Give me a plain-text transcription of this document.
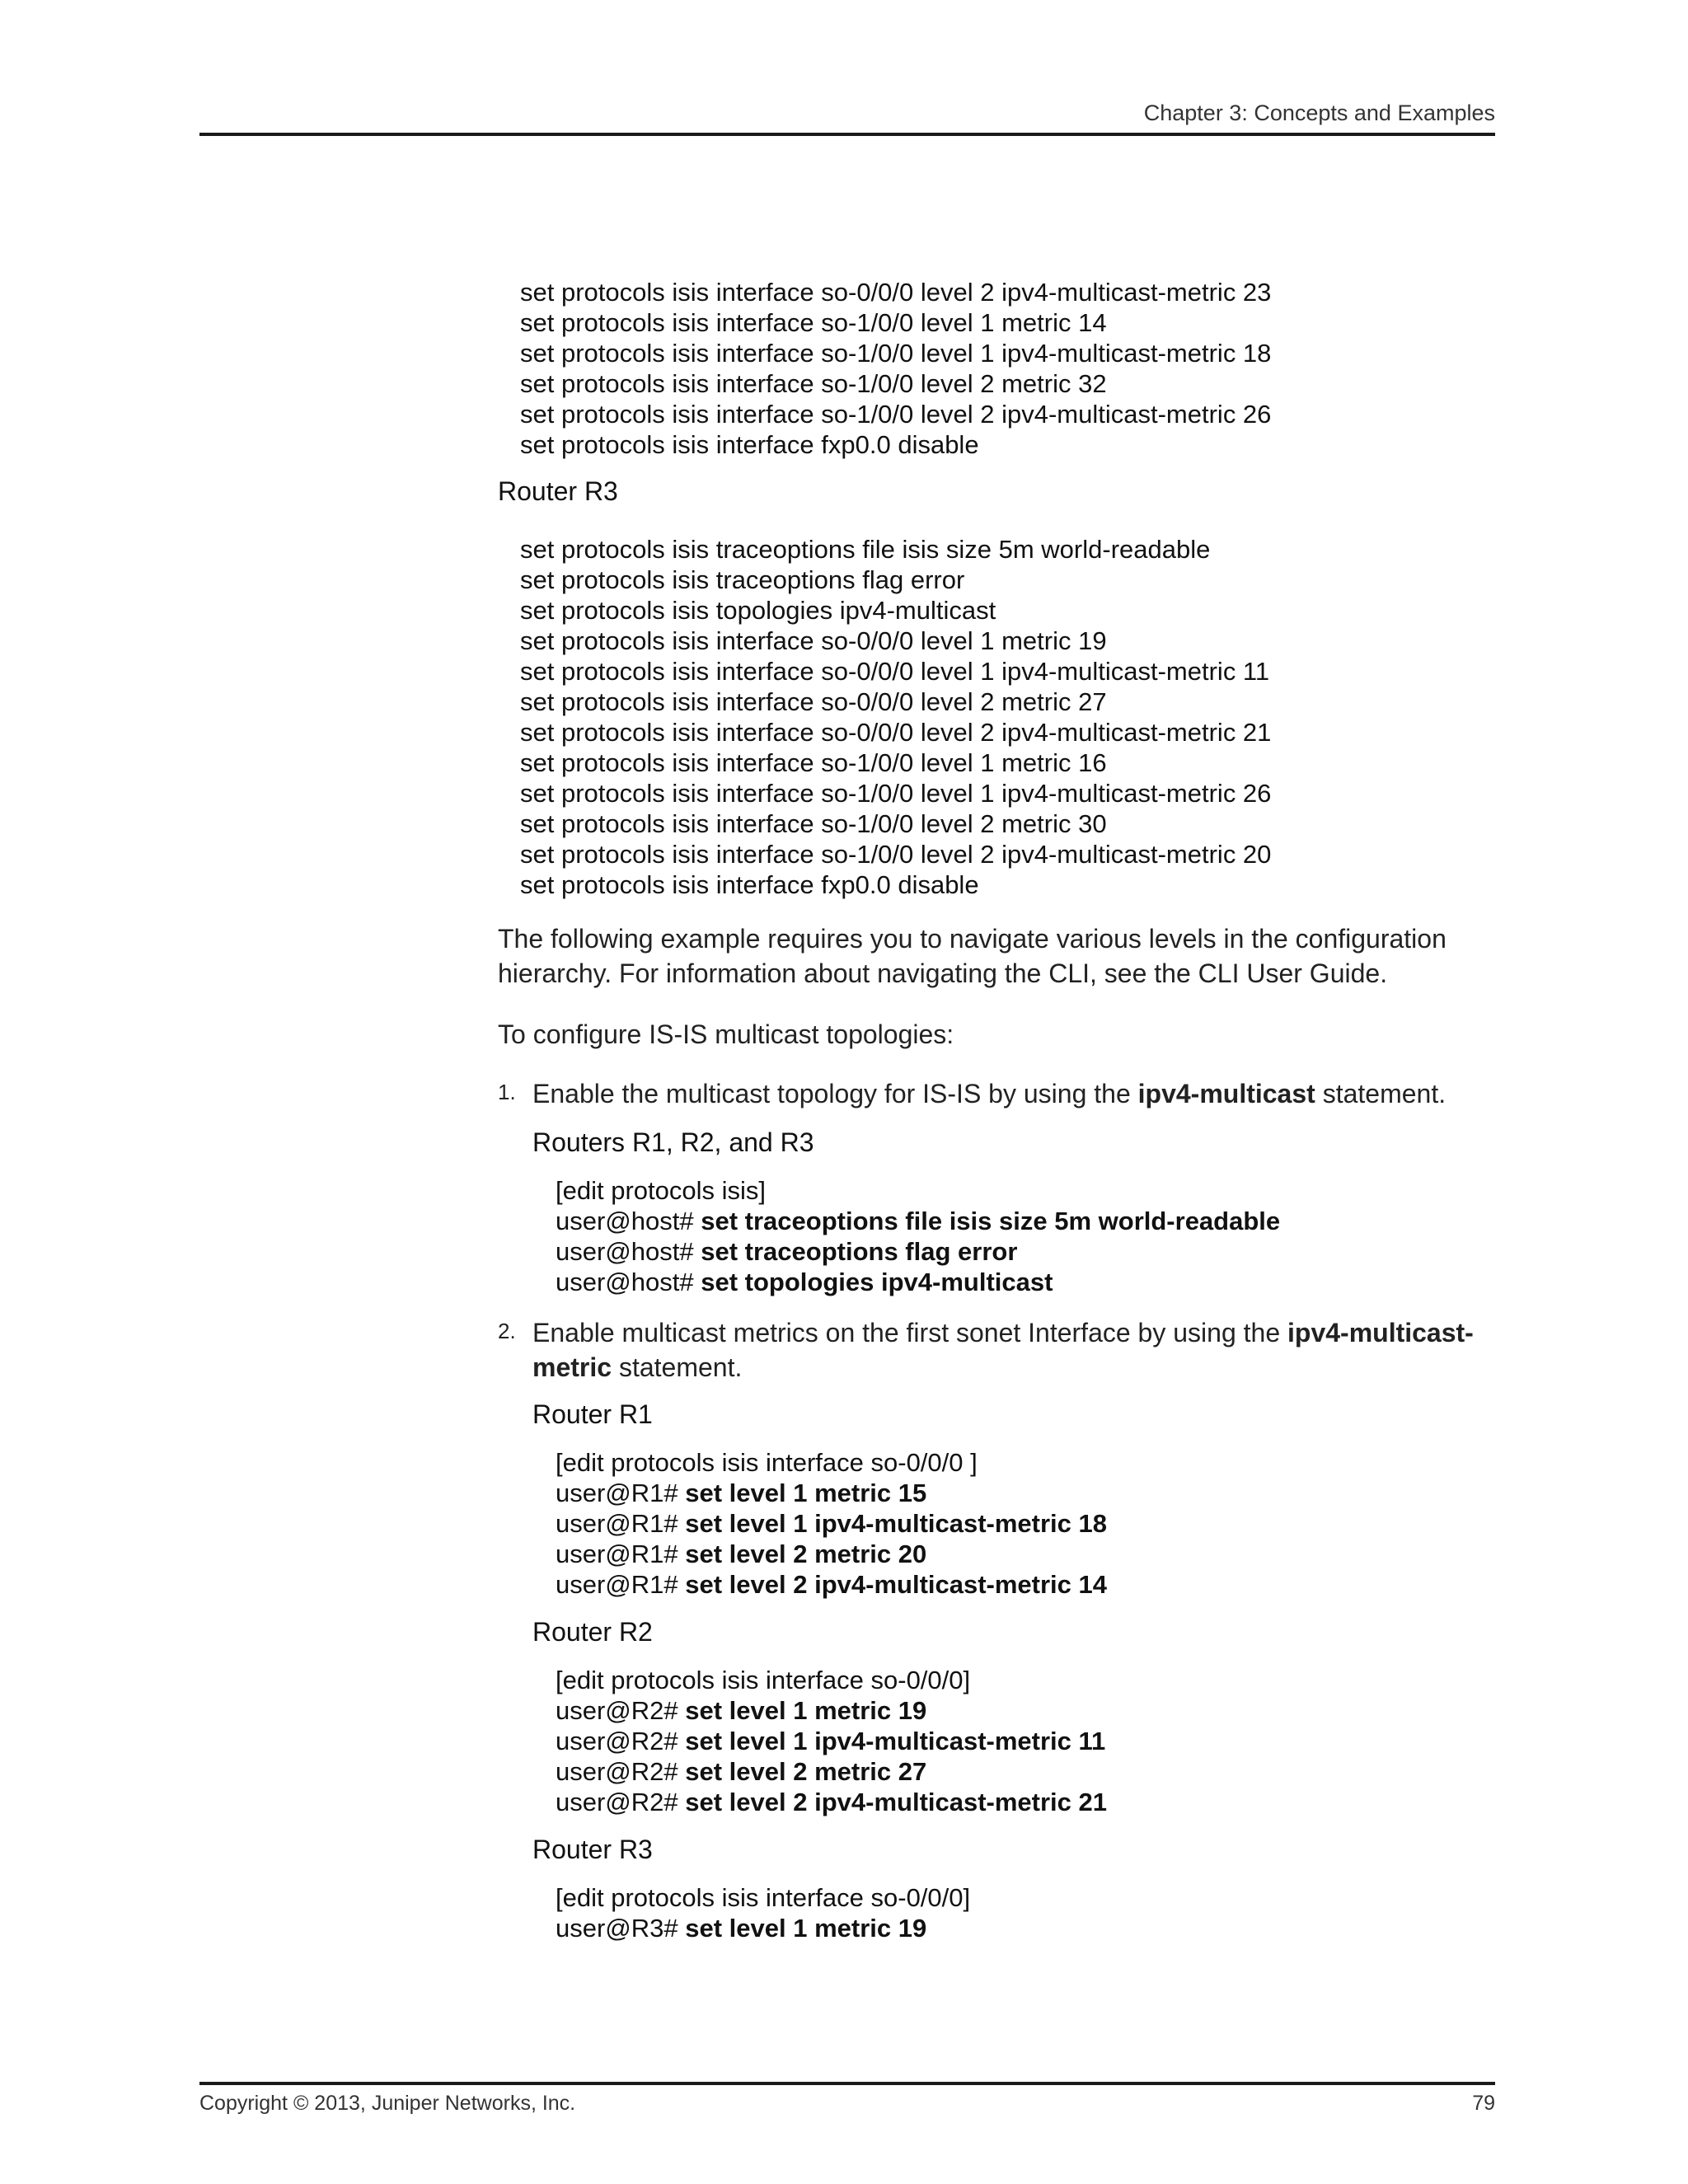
Chapter 3: Concepts and Examples
set protocols isis interface so-0/0/0 level 2 ipv4-multicast-metric 23
set protocols isis interface so-1/0/0 level 1 metric 14
set protocols isis interface so-1/0/0 level 1 ipv4-multicast-metric 18
set protocols isis interface so-1/0/0 level 2 metric 32
set protocols isis interface so-1/0/0 level 2 ipv4-multicast-metric 26
set protocols isis interface fxp0.0 disable
Router R3
set protocols isis traceoptions file isis size 5m world-readable
set protocols isis traceoptions flag error
set protocols isis topologies ipv4-multicast
set protocols isis interface so-0/0/0 level 1 metric 19
set protocols isis interface so-0/0/0 level 1 ipv4-multicast-metric 11
set protocols isis interface so-0/0/0 level 2 metric 27
set protocols isis interface so-0/0/0 level 2 ipv4-multicast-metric 21
set protocols isis interface so-1/0/0 level 1 metric 16
set protocols isis interface so-1/0/0 level 1 ipv4-multicast-metric 26
set protocols isis interface so-1/0/0 level 2 metric 30
set protocols isis interface so-1/0/0 level 2 ipv4-multicast-metric 20
set protocols isis interface fxp0.0 disable
The following example requires you to navigate various levels in the configuration hierarchy. For information about navigating the CLI, see the CLI User Guide.
To configure IS-IS multicast topologies:
1. Enable the multicast topology for IS-IS by using the ipv4-multicast statement.
Routers R1, R2, and R3
[edit protocols isis]
user@host# set traceoptions file isis size 5m world-readable
user@host# set traceoptions flag error
user@host# set topologies ipv4-multicast
2. Enable multicast metrics on the first sonet Interface by using the ipv4-multicast-metric statement.
Router R1
[edit protocols isis interface so-0/0/0 ]
user@R1# set level 1 metric 15
user@R1# set level 1 ipv4-multicast-metric 18
user@R1# set level 2 metric 20
user@R1# set level 2 ipv4-multicast-metric 14
Router R2
[edit protocols isis interface so-0/0/0]
user@R2# set level 1 metric 19
user@R2# set level 1 ipv4-multicast-metric 11
user@R2# set level 2 metric 27
user@R2# set level 2 ipv4-multicast-metric 21
Router R3
[edit protocols isis interface so-0/0/0]
user@R3# set level 1 metric 19
Copyright © 2013, Juniper Networks, Inc.	79
